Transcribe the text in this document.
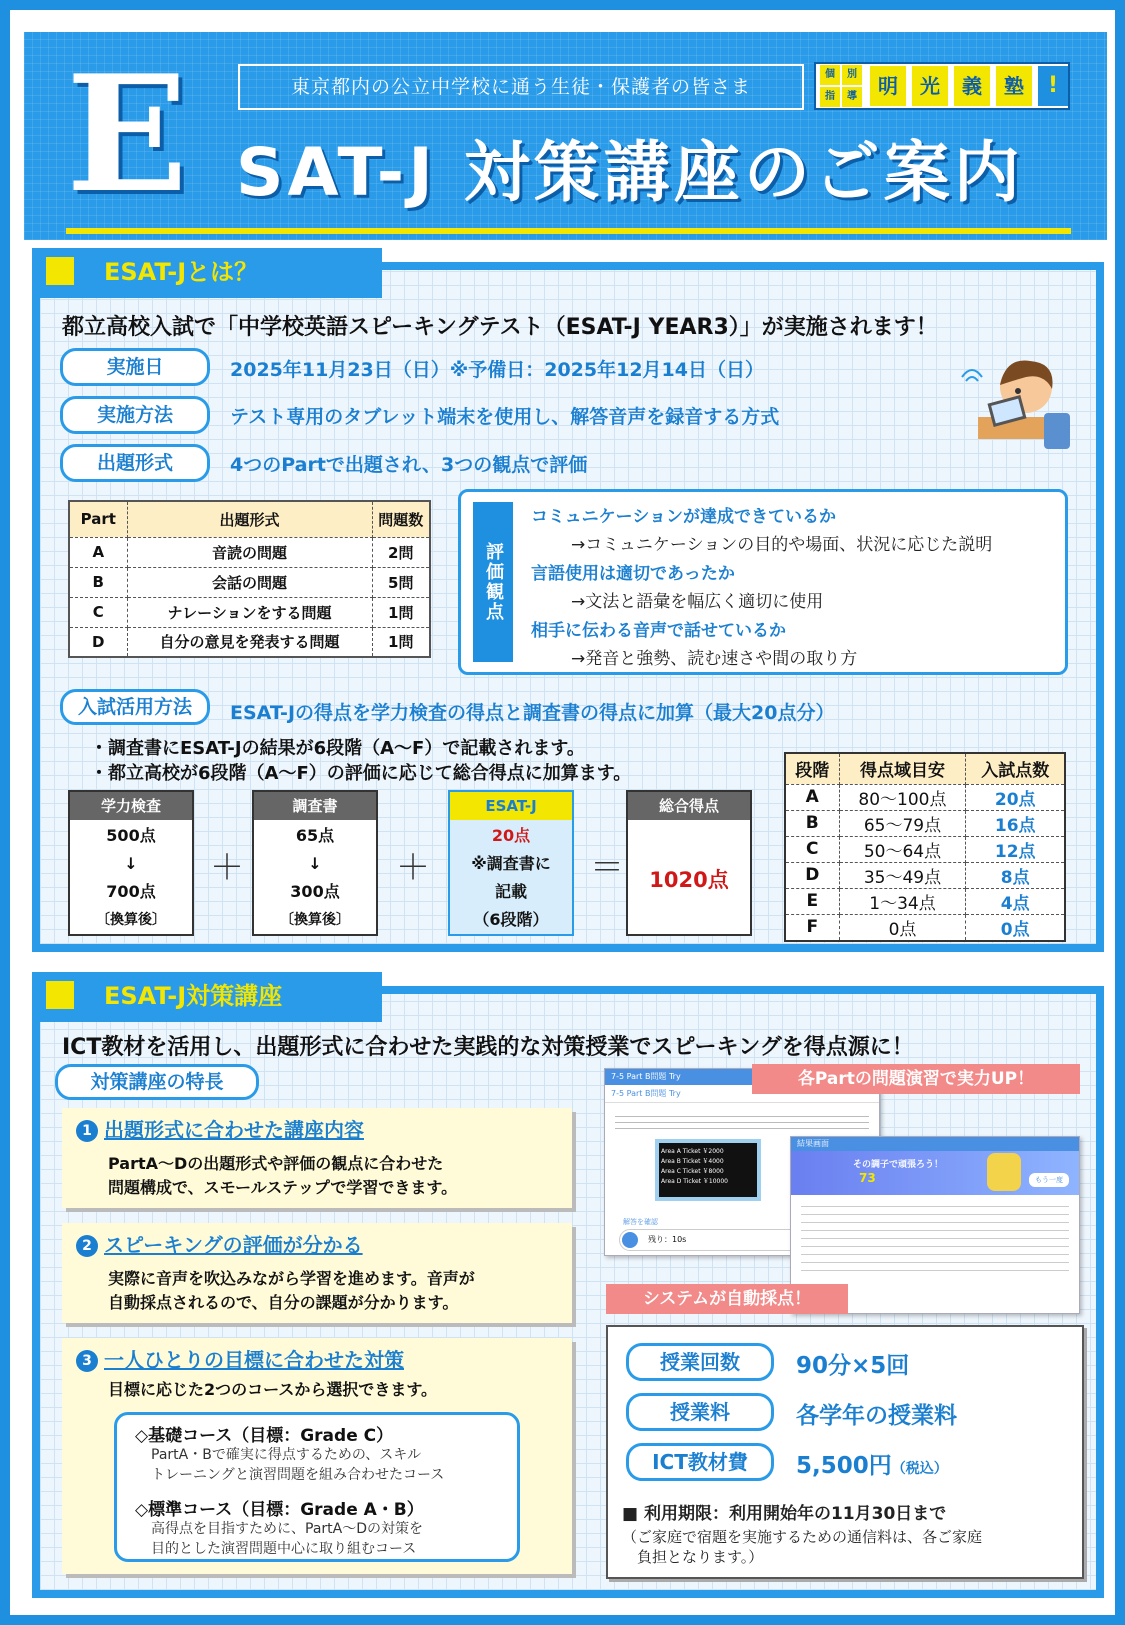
E SAT-J 対策講座のご案内
東京都内の公立中学校に通う生徒・保護者の皆さま
個	別
指	導	明	光	義	塾	!
ESAT-Jとは？
都立高校入試で「中学校英語スピーキングテスト（ESAT-J YEAR3）」が実施されます！
実施日	2025年11月23日（日）※予備日：2025年12月14日（日）
実施方法	テスト専用のタブレット端末を使用し、解答音声を録音する方式
出題形式	4つのPartで出題され、3つの観点で評価
Part	出題形式	問題数
A	音読の問題	2問
B	会話の問題	5問
C	ナレーションをする問題	1問
D	自分の意見を発表する問題	1問
評価観点
コミュニケーションが達成できているか
→コミュニケーションの目的や場面、状況に応じた説明
言語使用は適切であったか
→文法と語彙を幅広く適切に使用
相手に伝わる音声で話せているか
→発音と強勢、読む速さや間の取り方
入試活用方法	ESAT-Jの得点を学力検査の得点と調査書の得点に加算（最大20点分）
・調査書にESAT-Jの結果が6段階（A～F）で記載されます。
・都立高校が6段階（A～F）の評価に応じて総合得点に加算ます。
学力検査
500点
↓
700点
〔換算後〕
＋
調査書
65点
↓
300点
〔換算後〕
＋
ESAT-J
20点
※調査書に
記載
（6段階）
＝
総合得点
1020点
段階	得点域目安	入試点数
A	80～100点	20点
B	65～79点	16点
C	50～64点	12点
D	35～49点	8点
E	1～34点	4点
F	0点	0点
ESAT-J対策講座
ICT教材を活用し、出題形式に合わせた実践的な対策授業でスピーキングを得点源に！
対策講座の特長
1 出題形式に合わせた講座内容
PartA～Dの出題形式や評価の観点に合わせた
問題構成で、スモールステップで学習できます。
2 スピーキングの評価が分かる
実際に音声を吹込みながら学習を進めます。音声が
自動採点されるので、自分の課題が分かります。
3 一人ひとりの目標に合わせた対策
目標に応じた2つのコースから選択できます。
◇基礎コース（目標：Grade C）
PartA・Bで確実に得点するための、スキル
トレーニングと演習問題を組み合わせたコース
◇標準コース（目標：Grade A・B）
高得点を目指すために、PartA～Dの対策を
目的とした演習問題中心に取り組むコース
7-5 Part B問題 Try
7-5 Part B問題 Try
Area A Ticket ￥2000
Area B Ticket ￥4000
Area C Ticket ￥8000
Area D Ticket ￥10000
解答を確認
残り：10s
結果画面
その調子で頑張ろう！
73	もう一度
各Partの問題演習で実力UP！
システムが自動採点！
授業回数	90分×5回
授業料	各学年の授業料
ICT教材費	5,500円（税込）
■ 利用期限：利用開始年の11月30日まで
（ご家庭で宿題を実施するための通信料は、各ご家庭
　負担となります。）
